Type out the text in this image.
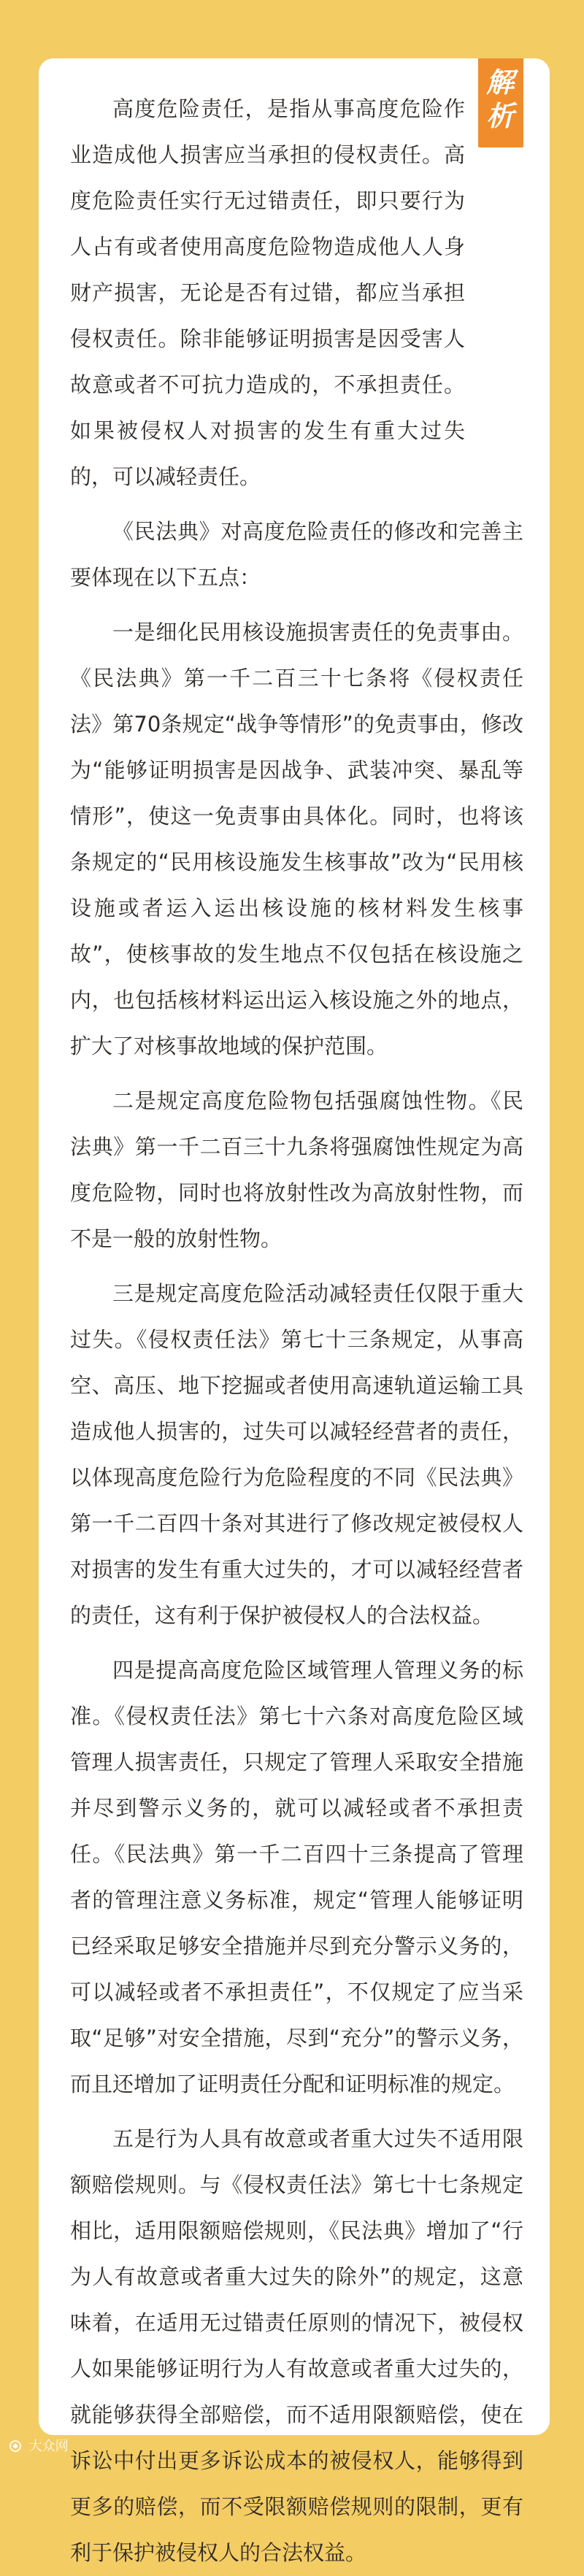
解析

高度危险责任，是指从事高度危险作业造成他人损害应当承担的侵权责任。高度危险责任实行无过错责任，即只要行为人占有或者使用高度危险物造成他人人身财产损害，无论是否有过错，都应当承担侵权责任。除非能够证明损害是因受害人故意或者不可抗力造成的，不承担责任。如果被侵权人对损害的发生有重大过失的，可以减轻责任。

《民法典》对高度危险责任的修改和完善主要体现在以下五点：

一是细化民用核设施损害责任的免责事由。《民法典》第一千二百三十七条将《侵权责任法》第70条规定“战争等情形”的免责事由，修改为“能够证明损害是因战争、武装冲突、暴乱等情形”，使这一免责事由具体化。同时，也将该条规定的“民用核设施发生核事故”改为“民用核设施或者运入运出核设施的核材料发生核事故”，使核事故的发生地点不仅包括在核设施之内，也包括核材料运出运入核设施之外的地点，扩大了对核事故地域的保护范围。

二是规定高度危险物包括强腐蚀性物。《民法典》第一千二百三十九条将强腐蚀性规定为高度危险物，同时也将放射性改为高放射性物，而不是一般的放射性物。

三是规定高度危险活动减轻责任仅限于重大过失。《侵权责任法》第七十三条规定，从事高空、高压、地下挖掘或者使用高速轨道运输工具造成他人损害的，过失可以减轻经营者的责任，以体现高度危险行为危险程度的不同《民法典》第一千二百四十条对其进行了修改规定被侵权人对损害的发生有重大过失的，才可以减轻经营者的责任，这有利于保护被侵权人的合法权益。

四是提高高度危险区域管理人管理义务的标准。《侵权责任法》第七十六条对高度危险区域管理人损害责任，只规定了管理人采取安全措施并尽到警示义务的，就可以减轻或者不承担责任。《民法典》第一千二百四十三条提高了管理者的管理注意义务标准，规定“管理人能够证明已经采取足够安全措施并尽到充分警示义务的，可以减轻或者不承担责任”，不仅规定了应当采取“足够”对安全措施，尽到“充分”的警示义务，而且还增加了证明责任分配和证明标准的规定。

五是行为人具有故意或者重大过失不适用限额赔偿规则。与《侵权责任法》第七十七条规定相比，适用限额赔偿规则，《民法典》增加了“行为人有故意或者重大过失的除外”的规定，这意味着，在适用无过错责任原则的情况下，被侵权人如果能够证明行为人有故意或者重大过失的，就能够获得全部赔偿，而不适用限额赔偿，使在诉讼中付出更多诉讼成本的被侵权人，能够得到更多的赔偿，而不受限额赔偿规则的限制，更有利于保护被侵权人的合法权益。

大众网
